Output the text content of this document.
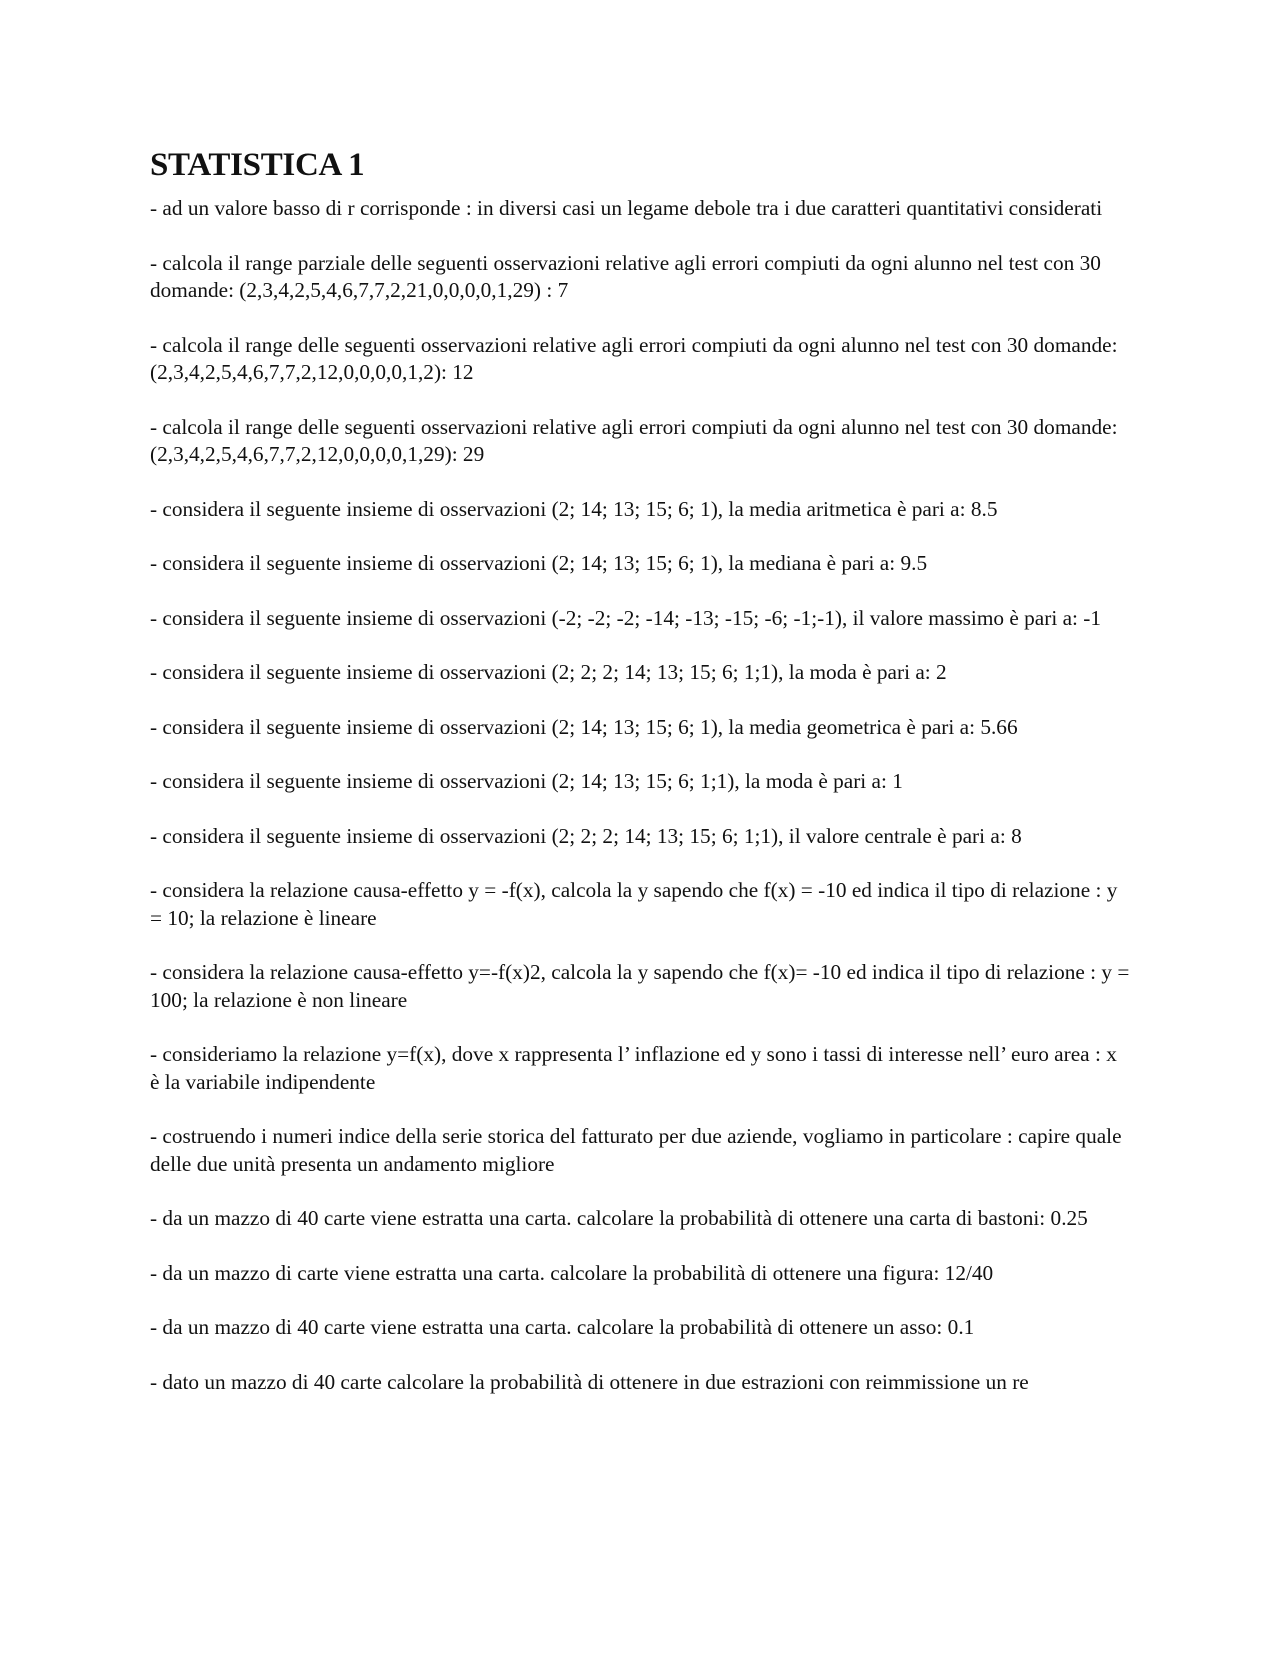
STATISTICA 1

- ad un valore basso di r corrisponde : in diversi casi un legame debole tra i due caratteri quantitativi considerati

- calcola il range parziale delle seguenti osservazioni relative agli errori compiuti da ogni alunno nel test con 30 domande: (2,3,4,2,5,4,6,7,7,2,21,0,0,0,0,1,29) : 7

- calcola il range delle seguenti osservazioni relative agli errori compiuti da ogni alunno nel test con 30 domande: (2,3,4,2,5,4,6,7,7,2,12,0,0,0,0,1,2): 12

- calcola il range delle seguenti osservazioni relative agli errori compiuti da ogni alunno nel test con 30 domande: (2,3,4,2,5,4,6,7,7,2,12,0,0,0,0,1,29): 29

- considera il seguente insieme di osservazioni (2; 14; 13; 15; 6; 1), la media aritmetica è pari a: 8.5

- considera il seguente insieme di osservazioni (2; 14; 13; 15; 6; 1), la mediana è pari a: 9.5

- considera il seguente insieme di osservazioni (-2; -2; -2; -14; -13; -15; -6; -1;-1), il valore massimo è pari a: -1

- considera il seguente insieme di osservazioni (2; 2; 2; 14; 13; 15; 6; 1;1), la moda è pari a: 2

- considera il seguente insieme di osservazioni (2; 14; 13; 15; 6; 1), la media geometrica è pari a: 5.66

- considera il seguente insieme di osservazioni (2; 14; 13; 15; 6; 1;1), la moda è pari a: 1

- considera il seguente insieme di osservazioni (2; 2; 2; 14; 13; 15; 6; 1;1), il valore centrale è pari a: 8

- considera la relazione causa-effetto y = -f(x), calcola la y sapendo che f(x) = -10 ed indica il tipo di relazione : y = 10; la relazione è lineare

- considera la relazione causa-effetto y=-f(x)2, calcola la y sapendo che f(x)= -10 ed indica il tipo di relazione : y = 100; la relazione è non lineare

- consideriamo la relazione y=f(x), dove x rappresenta l’ inflazione ed y sono i tassi di interesse nell’ euro area : x è la variabile indipendente

- costruendo i numeri indice della serie storica del fatturato per due aziende, vogliamo in particolare : capire quale delle due unità presenta un andamento migliore

- da un mazzo di 40 carte viene estratta una carta. calcolare la probabilità di ottenere una carta di bastoni: 0.25

- da un mazzo di carte viene estratta una carta. calcolare la probabilità di ottenere una figura: 12/40

- da un mazzo di 40 carte viene estratta una carta. calcolare la probabilità di ottenere un asso: 0.1

- dato un mazzo di 40 carte calcolare la probabilità di ottenere in due estrazioni con reimmissione un re
